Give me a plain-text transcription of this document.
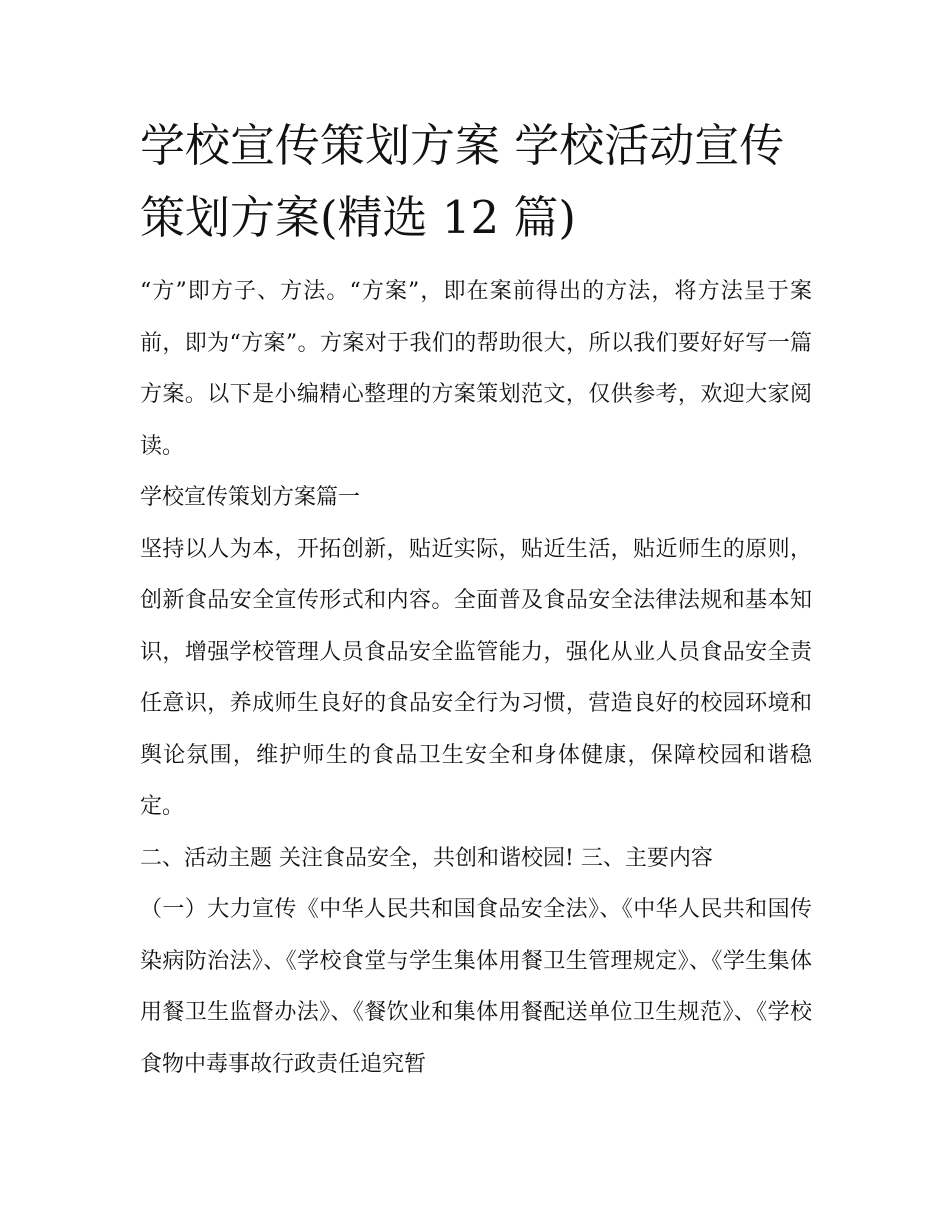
学校宣传策划方案 学校活动宣传策划方案(精选 12 篇)

“方”即方子、方法。“方案”，即在案前得出的方法，将方法呈于案前，即为“方案”。方案对于我们的帮助很大，所以我们要好好写一篇方案。以下是小编精心整理的方案策划范文，仅供参考，欢迎大家阅读。

学校宣传策划方案篇一

坚持以人为本，开拓创新，贴近实际，贴近生活，贴近师生的原则，创新食品安全宣传形式和内容。全面普及食品安全法律法规和基本知识，增强学校管理人员食品安全监管能力，强化从业人员食品安全责任意识，养成师生良好的食品安全行为习惯，营造良好的校园环境和舆论氛围，维护师生的食品卫生安全和身体健康，保障校园和谐稳定。

二、活动主题 关注食品安全，共创和谐校园! 三、主要内容

（一）大力宣传《中华人民共和国食品安全法》、《中华人民共和国传染病防治法》、《学校食堂与学生集体用餐卫生管理规定》、《学生集体用餐卫生监督办法》、《餐饮业和集体用餐配送单位卫生规范》、《学校食物中毒事故行政责任追究暂
